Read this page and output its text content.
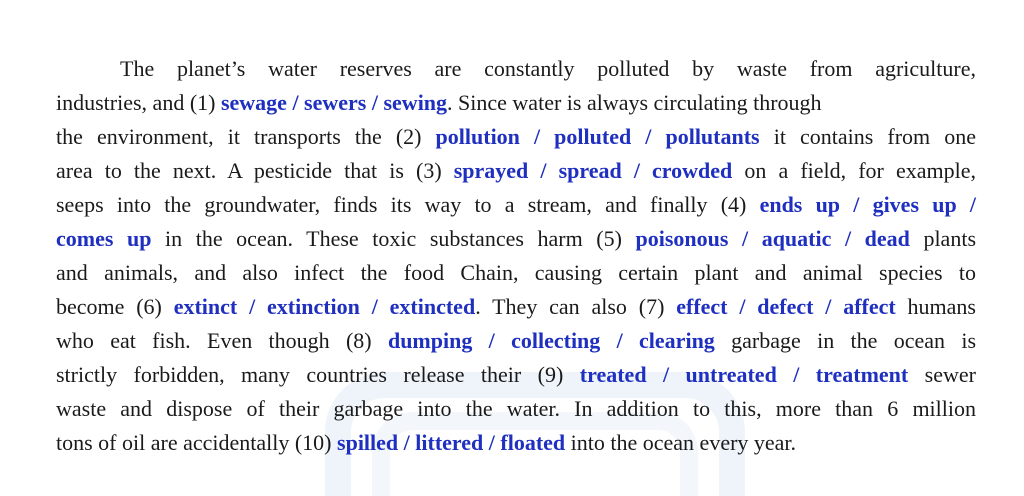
The planet’s water reserves are constantly polluted by waste from agriculture,
industries, and (1) sewage / sewers / sewing. Since water is always circulating through
the environment, it transports the (2) pollution / polluted / pollutants it contains from one
area to the next. A pesticide that is (3) sprayed / spread / crowded on a field, for example,
seeps into the groundwater, finds its way to a stream, and finally (4) ends up / gives up /
comes up in the ocean. These toxic substances harm (5) poisonous / aquatic / dead plants
and animals, and also infect the food Chain, causing certain plant and animal species to
become (6) extinct / extinction / extincted. They can also (7) effect / defect / affect humans
who eat fish. Even though (8) dumping / collecting / clearing garbage in the ocean is
strictly forbidden, many countries release their (9) treated / untreated / treatment sewer
waste and dispose of their garbage into the water. In addition to this, more than 6 million
tons of oil are accidentally (10) spilled / littered / floated into the ocean every year.
